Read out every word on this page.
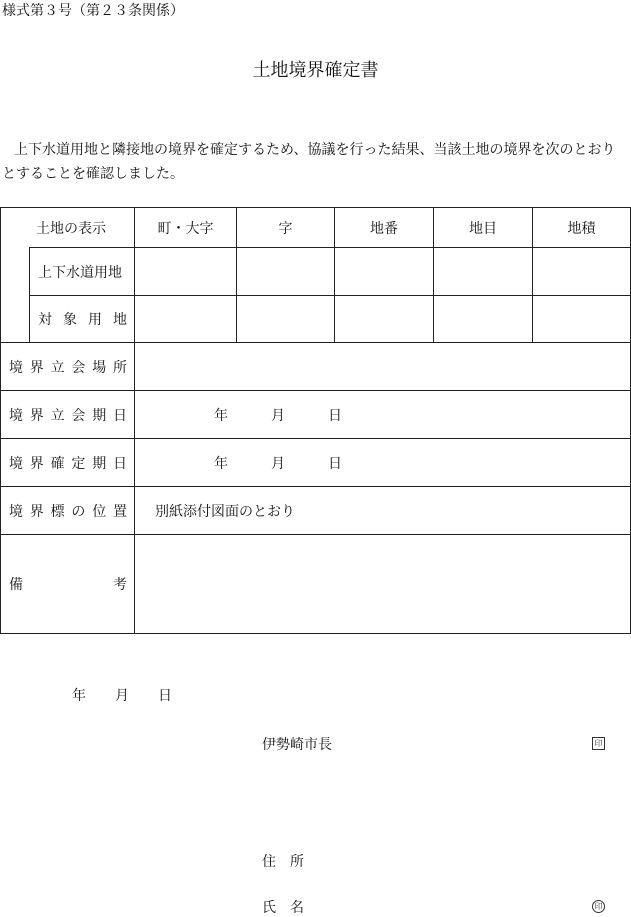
様式第３号（第２３条関係）
土地境界確定書
上下水道用地と隣接地の境界を確定するため、協議を行った結果、当該土地の境界を次のとおり
とすることを確認しました。
土地の表示	町・大字	字	地番	地目	地積
上下水道用地
対 象 用 地
境 界 立 会 場 所
境 界 立 会 期 日	年	月	日
境 界 確 定 期 日	年	月	日
境 界 標 の 位 置 別紙添付図面のとおり
備	考
年 月 日
伊勢崎市長	印
住 所
氏 名	印
